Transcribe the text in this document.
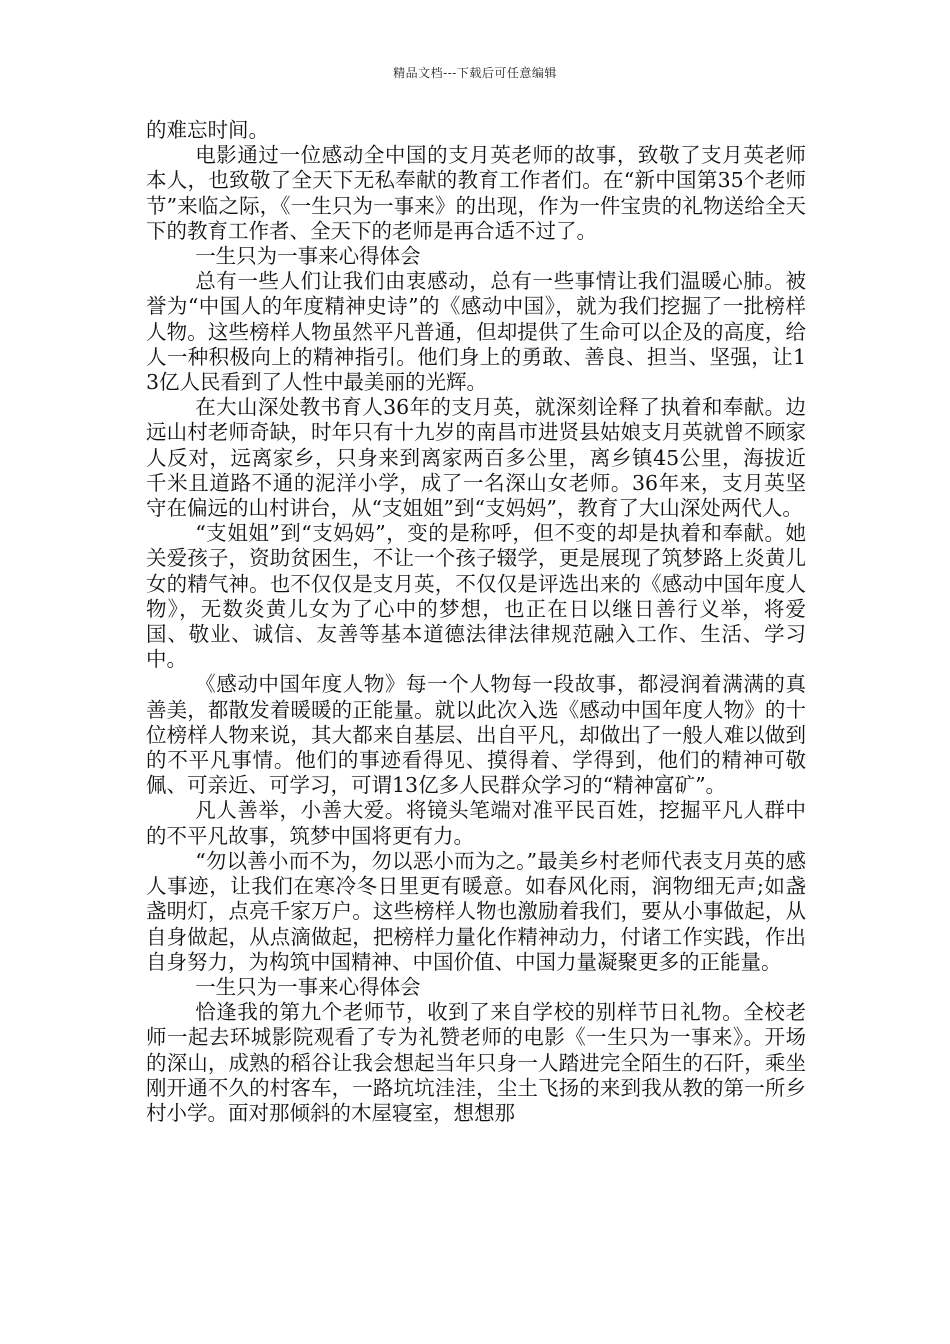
精品文档---下载后可任意编辑

的难忘时间。

电影通过一位感动全中国的支月英老师的故事，致敬了支月英老师本人，也致敬了全天下无私奉献的教育工作者们。在“新中国第35个老师节”来临之际，《一生只为一事来》的出现，作为一件宝贵的礼物送给全天下的教育工作者、全天下的老师是再合适不过了。

一生只为一事来心得体会

总有一些人们让我们由衷感动，总有一些事情让我们温暖心肺。被誉为“中国人的年度精神史诗”的《感动中国》，就为我们挖掘了一批榜样人物。这些榜样人物虽然平凡普通，但却提供了生命可以企及的高度，给人一种积极向上的精神指引。他们身上的勇敢、善良、担当、坚强，让13亿人民看到了人性中最美丽的光辉。

在大山深处教书育人36年的支月英，就深刻诠释了执着和奉献。边远山村老师奇缺，时年只有十九岁的南昌市进贤县姑娘支月英就曾不顾家人反对，远离家乡，只身来到离家两百多公里，离乡镇45公里，海拔近千米且道路不通的泥洋小学，成了一名深山女老师。36年来，支月英坚守在偏远的山村讲台，从“支姐姐”到“支妈妈”，教育了大山深处两代人。

“支姐姐”到“支妈妈”，变的是称呼，但不变的却是执着和奉献。她关爱孩子，资助贫困生，不让一个孩子辍学，更是展现了筑梦路上炎黄儿女的精气神。也不仅仅是支月英，不仅仅是评选出来的《感动中国年度人物》，无数炎黄儿女为了心中的梦想，也正在日以继日善行义举，将爱国、敬业、诚信、友善等基本道德法律法律规范融入工作、生活、学习中。

《感动中国年度人物》每一个人物每一段故事，都浸润着满满的真善美，都散发着暖暖的正能量。就以此次入选《感动中国年度人物》的十位榜样人物来说，其大都来自基层、出自平凡，却做出了一般人难以做到的不平凡事情。他们的事迹看得见、摸得着、学得到，他们的精神可敬佩、可亲近、可学习，可谓13亿多人民群众学习的“精神富矿”。

凡人善举，小善大爱。将镜头笔端对准平民百姓，挖掘平凡人群中的不平凡故事，筑梦中国将更有力。

“勿以善小而不为，勿以恶小而为之。”最美乡村老师代表支月英的感人事迹，让我们在寒冷冬日里更有暖意。如春风化雨，润物细无声;如盏盏明灯，点亮千家万户。这些榜样人物也激励着我们，要从小事做起，从自身做起，从点滴做起，把榜样力量化作精神动力，付诸工作实践，作出自身努力，为构筑中国精神、中国价值、中国力量凝聚更多的正能量。

一生只为一事来心得体会

恰逢我的第九个老师节，收到了来自学校的别样节日礼物。全校老师一起去环城影院观看了专为礼赞老师的电影《一生只为一事来》。开场的深山，成熟的稻谷让我会想起当年只身一人踏进完全陌生的石阡，乘坐刚开通不久的村客车，一路坑坑洼洼，尘土飞扬的来到我从教的第一所乡村小学。面对那倾斜的木屋寝室，想想那
